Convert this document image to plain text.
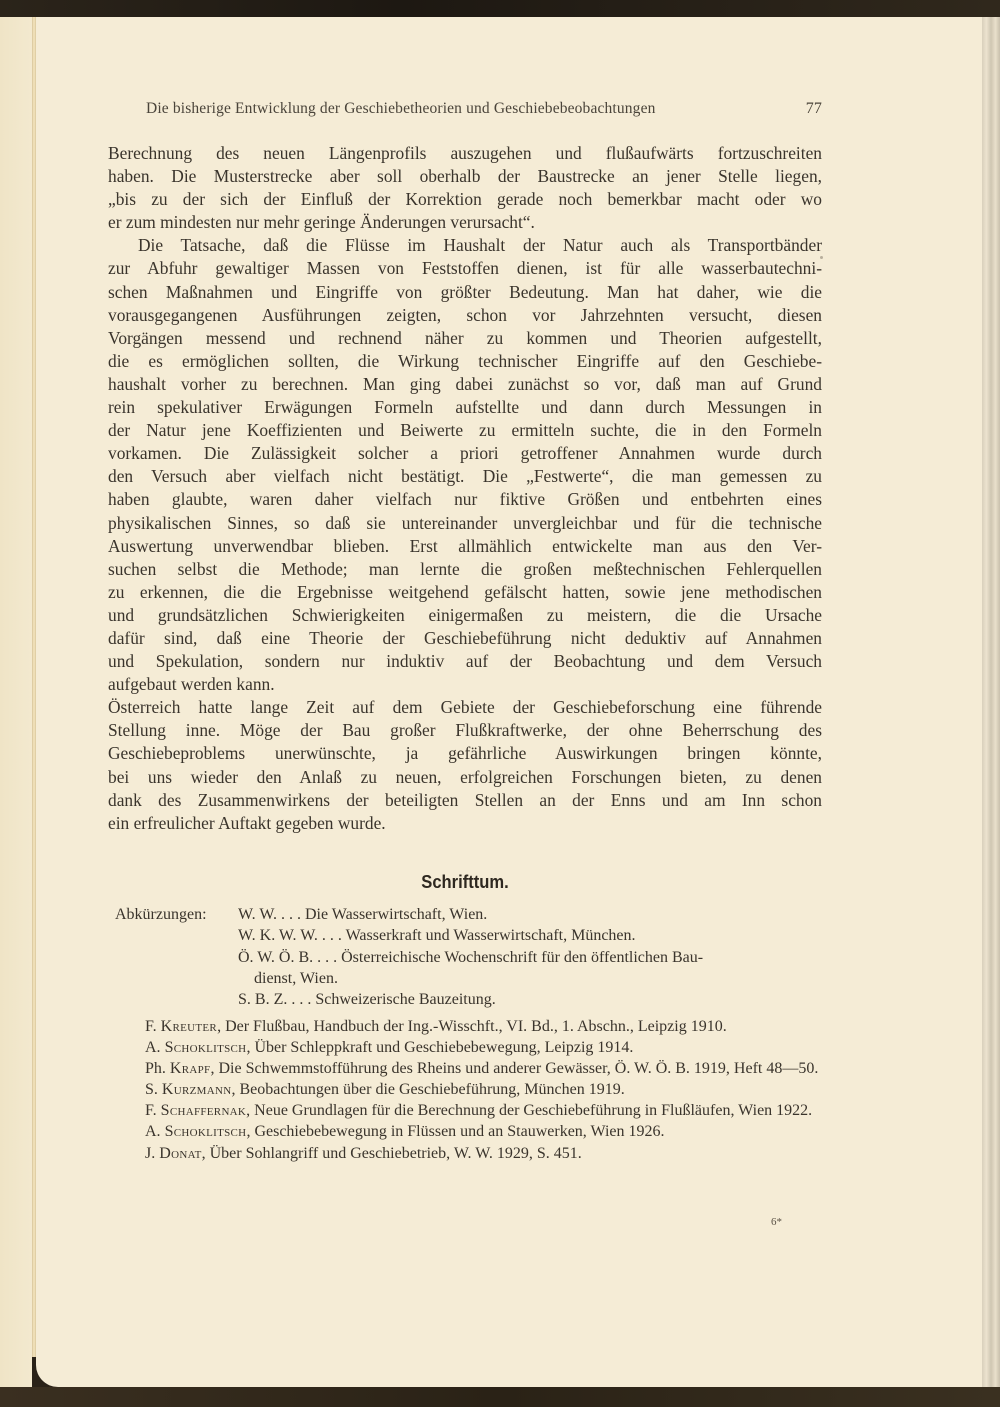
Die bisherige Entwicklung der Geschiebetheorien und Geschiebebeobachtungen	77

Berechnung des neuen Längenprofils auszugehen und flußaufwärts fortzuschreiten
haben. Die Musterstrecke aber soll oberhalb der Baustrecke an jener Stelle liegen,
„bis zu der sich der Einfluß der Korrektion gerade noch bemerkbar macht oder wo
er zum mindesten nur mehr geringe Änderungen verursacht“.

Die Tatsache, daß die Flüsse im Haushalt der Natur auch als Transportbänder
zur Abfuhr gewaltiger Massen von Feststoffen dienen, ist für alle wasserbautechni-
schen Maßnahmen und Eingriffe von größter Bedeutung. Man hat daher, wie die
vorausgegangenen Ausführungen zeigten, schon vor Jahrzehnten versucht, diesen
Vorgängen messend und rechnend näher zu kommen und Theorien aufgestellt,
die es ermöglichen sollten, die Wirkung technischer Eingriffe auf den Geschiebe-
haushalt vorher zu berechnen. Man ging dabei zunächst so vor, daß man auf Grund
rein spekulativer Erwägungen Formeln aufstellte und dann durch Messungen in
der Natur jene Koeffizienten und Beiwerte zu ermitteln suchte, die in den Formeln
vorkamen. Die Zulässigkeit solcher a priori getroffener Annahmen wurde durch
den Versuch aber vielfach nicht bestätigt. Die „Festwerte“, die man gemessen zu
haben glaubte, waren daher vielfach nur fiktive Größen und entbehrten eines
physikalischen Sinnes, so daß sie untereinander unvergleichbar und für die technische
Auswertung unverwendbar blieben. Erst allmählich entwickelte man aus den Ver-
suchen selbst die Methode; man lernte die großen meßtechnischen Fehlerquellen
zu erkennen, die die Ergebnisse weitgehend gefälscht hatten, sowie jene methodischen
und grundsätzlichen Schwierigkeiten einigermaßen zu meistern, die die Ursache
dafür sind, daß eine Theorie der Geschiebeführung nicht deduktiv auf Annahmen
und Spekulation, sondern nur induktiv auf der Beobachtung und dem Versuch
aufgebaut werden kann.

Österreich hatte lange Zeit auf dem Gebiete der Geschiebeforschung eine führende
Stellung inne. Möge der Bau großer Flußkraftwerke, der ohne Beherrschung des
Geschiebeproblems unerwünschte, ja gefährliche Auswirkungen bringen könnte,
bei uns wieder den Anlaß zu neuen, erfolgreichen Forschungen bieten, zu denen
dank des Zusammenwirkens der beteiligten Stellen an der Enns und am Inn schon
ein erfreulicher Auftakt gegeben wurde.

Schrifttum.
Abkürzungen:	W. W. . . . Die Wasserwirtschaft, Wien.
W. K. W. W. . . . Wasserkraft und Wasserwirtschaft, München.
Ö. W. Ö. B. . . . Österreichische Wochenschrift für den öffentlichen Bau-
dienst, Wien.
S. B. Z. . . . Schweizerische Bauzeitung.

F. Kreuter, Der Flußbau, Handbuch der Ing.-Wisschft., VI. Bd., 1. Abschn., Leipzig 1910.

A. Schoklitsch, Über Schleppkraft und Geschiebebewegung, Leipzig 1914.

Ph. Krapf, Die Schwemmstofführung des Rheins und anderer Gewässer, Ö. W. Ö. B. 1919, Heft 48—50.

S. Kurzmann, Beobachtungen über die Geschiebeführung, München 1919.

F. Schaffernak, Neue Grundlagen für die Berechnung der Geschiebeführung in Flußläufen, Wien 1922.

A. Schoklitsch, Geschiebebewegung in Flüssen und an Stauwerken, Wien 1926.

J. Donat, Über Sohlangriff und Geschiebetrieb, W. W. 1929, S. 451.

6*
